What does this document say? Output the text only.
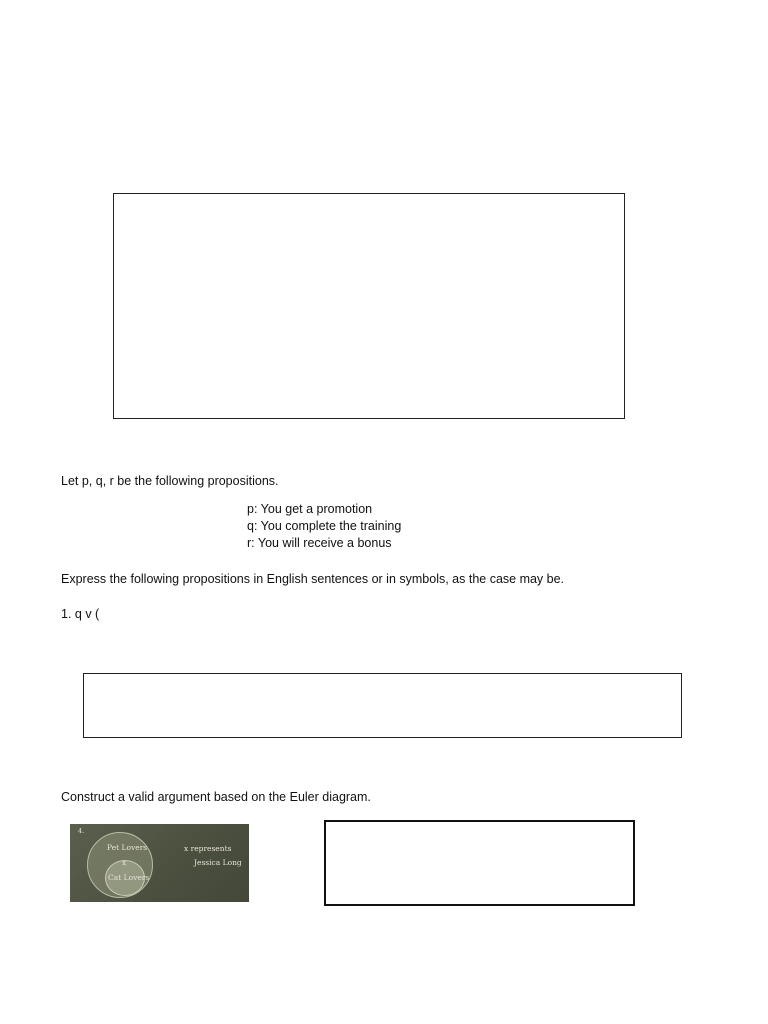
Let p, q, r be the following propositions.
p: You get a promotion
q: You complete the training
r: You will receive a bonus
Express the following propositions in English sentences or in symbols, as the case may be.
1. q v (
Construct a valid argument based on the Euler diagram.
4.
Pet Lovers
x
Cat Lovers
x represents
Jessica Long
